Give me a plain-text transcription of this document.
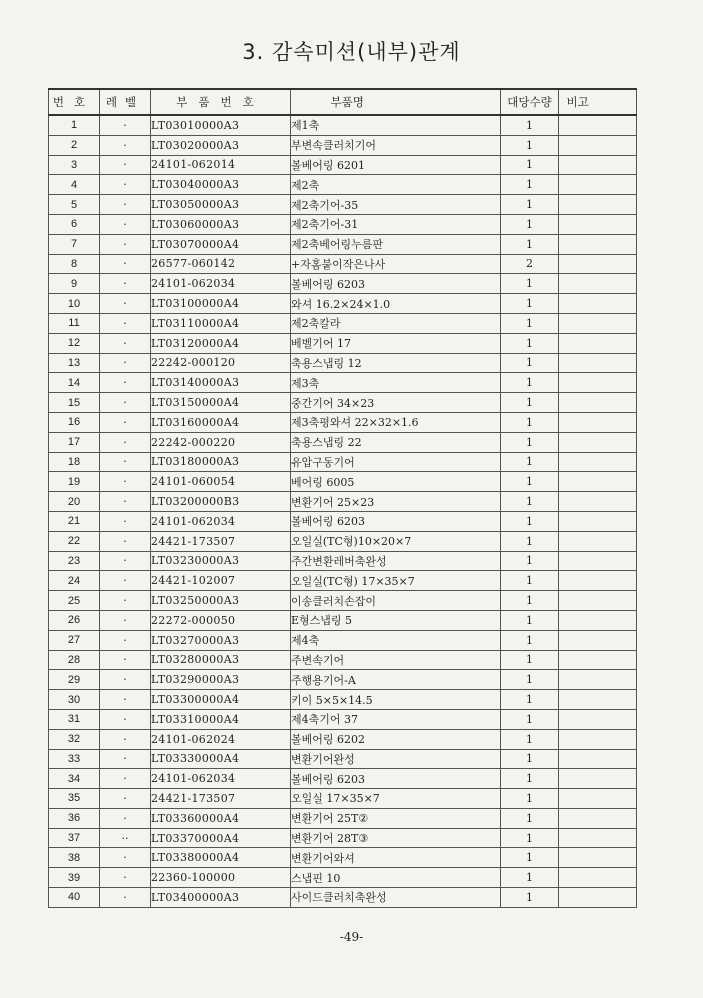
3. 감속미션(내부)관계
번호	레벨	부품번호	부품명	대당수량	비고
1	·	LT03010000A3	제1축	1	
2	·	LT03020000A3	부변속클러치기어	1	
3	·	24101-062014	볼베어링 6201	1	
4	·	LT03040000A3	제2축	1	
5	·	LT03050000A3	제2축기어-35	1	
6	·	LT03060000A3	제2축기어-31	1	
7	·	LT03070000A4	제2축베어링누름판	1	
8	·	26577-060142	+자홈붙이작은나사	2	
9	·	24101-062034	볼베어링 6203	1	
10	·	LT03100000A4	와셔 16.2×24×1.0	1	
11	·	LT03110000A4	제2축칼라	1	
12	·	LT03120000A4	베벨기어 17	1	
13	·	22242-000120	축용스냅링 12	1	
14	·	LT03140000A3	제3축	1	
15	·	LT03150000A4	중간기어 34×23	1	
16	·	LT03160000A4	제3축평와셔 22×32×1.6	1	
17	·	22242-000220	축용스냅링 22	1	
18	·	LT03180000A3	유압구동기어	1	
19	·	24101-060054	베어링 6005	1	
20	·	LT03200000B3	변환기어 25×23	1	
21	·	24101-062034	볼베어링 6203	1	
22	·	24421-173507	오일실(TC형)10×20×7	1	
23	·	LT03230000A3	주간변환레버축완성	1	
24	·	24421-102007	오일실(TC형) 17×35×7	1	
25	·	LT03250000A3	이송클러치손잡이	1	
26	·	22272-000050	E형스냅링 5	1	
27	·	LT03270000A3	제4축	1	
28	·	LT03280000A3	주변속기어	1	
29	·	LT03290000A3	주행용기어-A	1	
30	·	LT03300000A4	키이 5×5×14.5	1	
31	·	LT03310000A4	제4축기어 37	1	
32	·	24101-062024	볼베어링 6202	1	
33	·	LT03330000A4	변환기어완성	1	
34	·	24101-062034	볼베어링 6203	1	
35	·	24421-173507	오일실 17×35×7	1	
36	·	LT03360000A4	변환기어 25T②	1	
37	··	LT03370000A4	변환기어 28T③	1	
38	·	LT03380000A4	변환기어와셔	1	
39	·	22360-100000	스냅핀 10	1	
40	·	LT03400000A3	사이드클러치축완성	1	
-49-
